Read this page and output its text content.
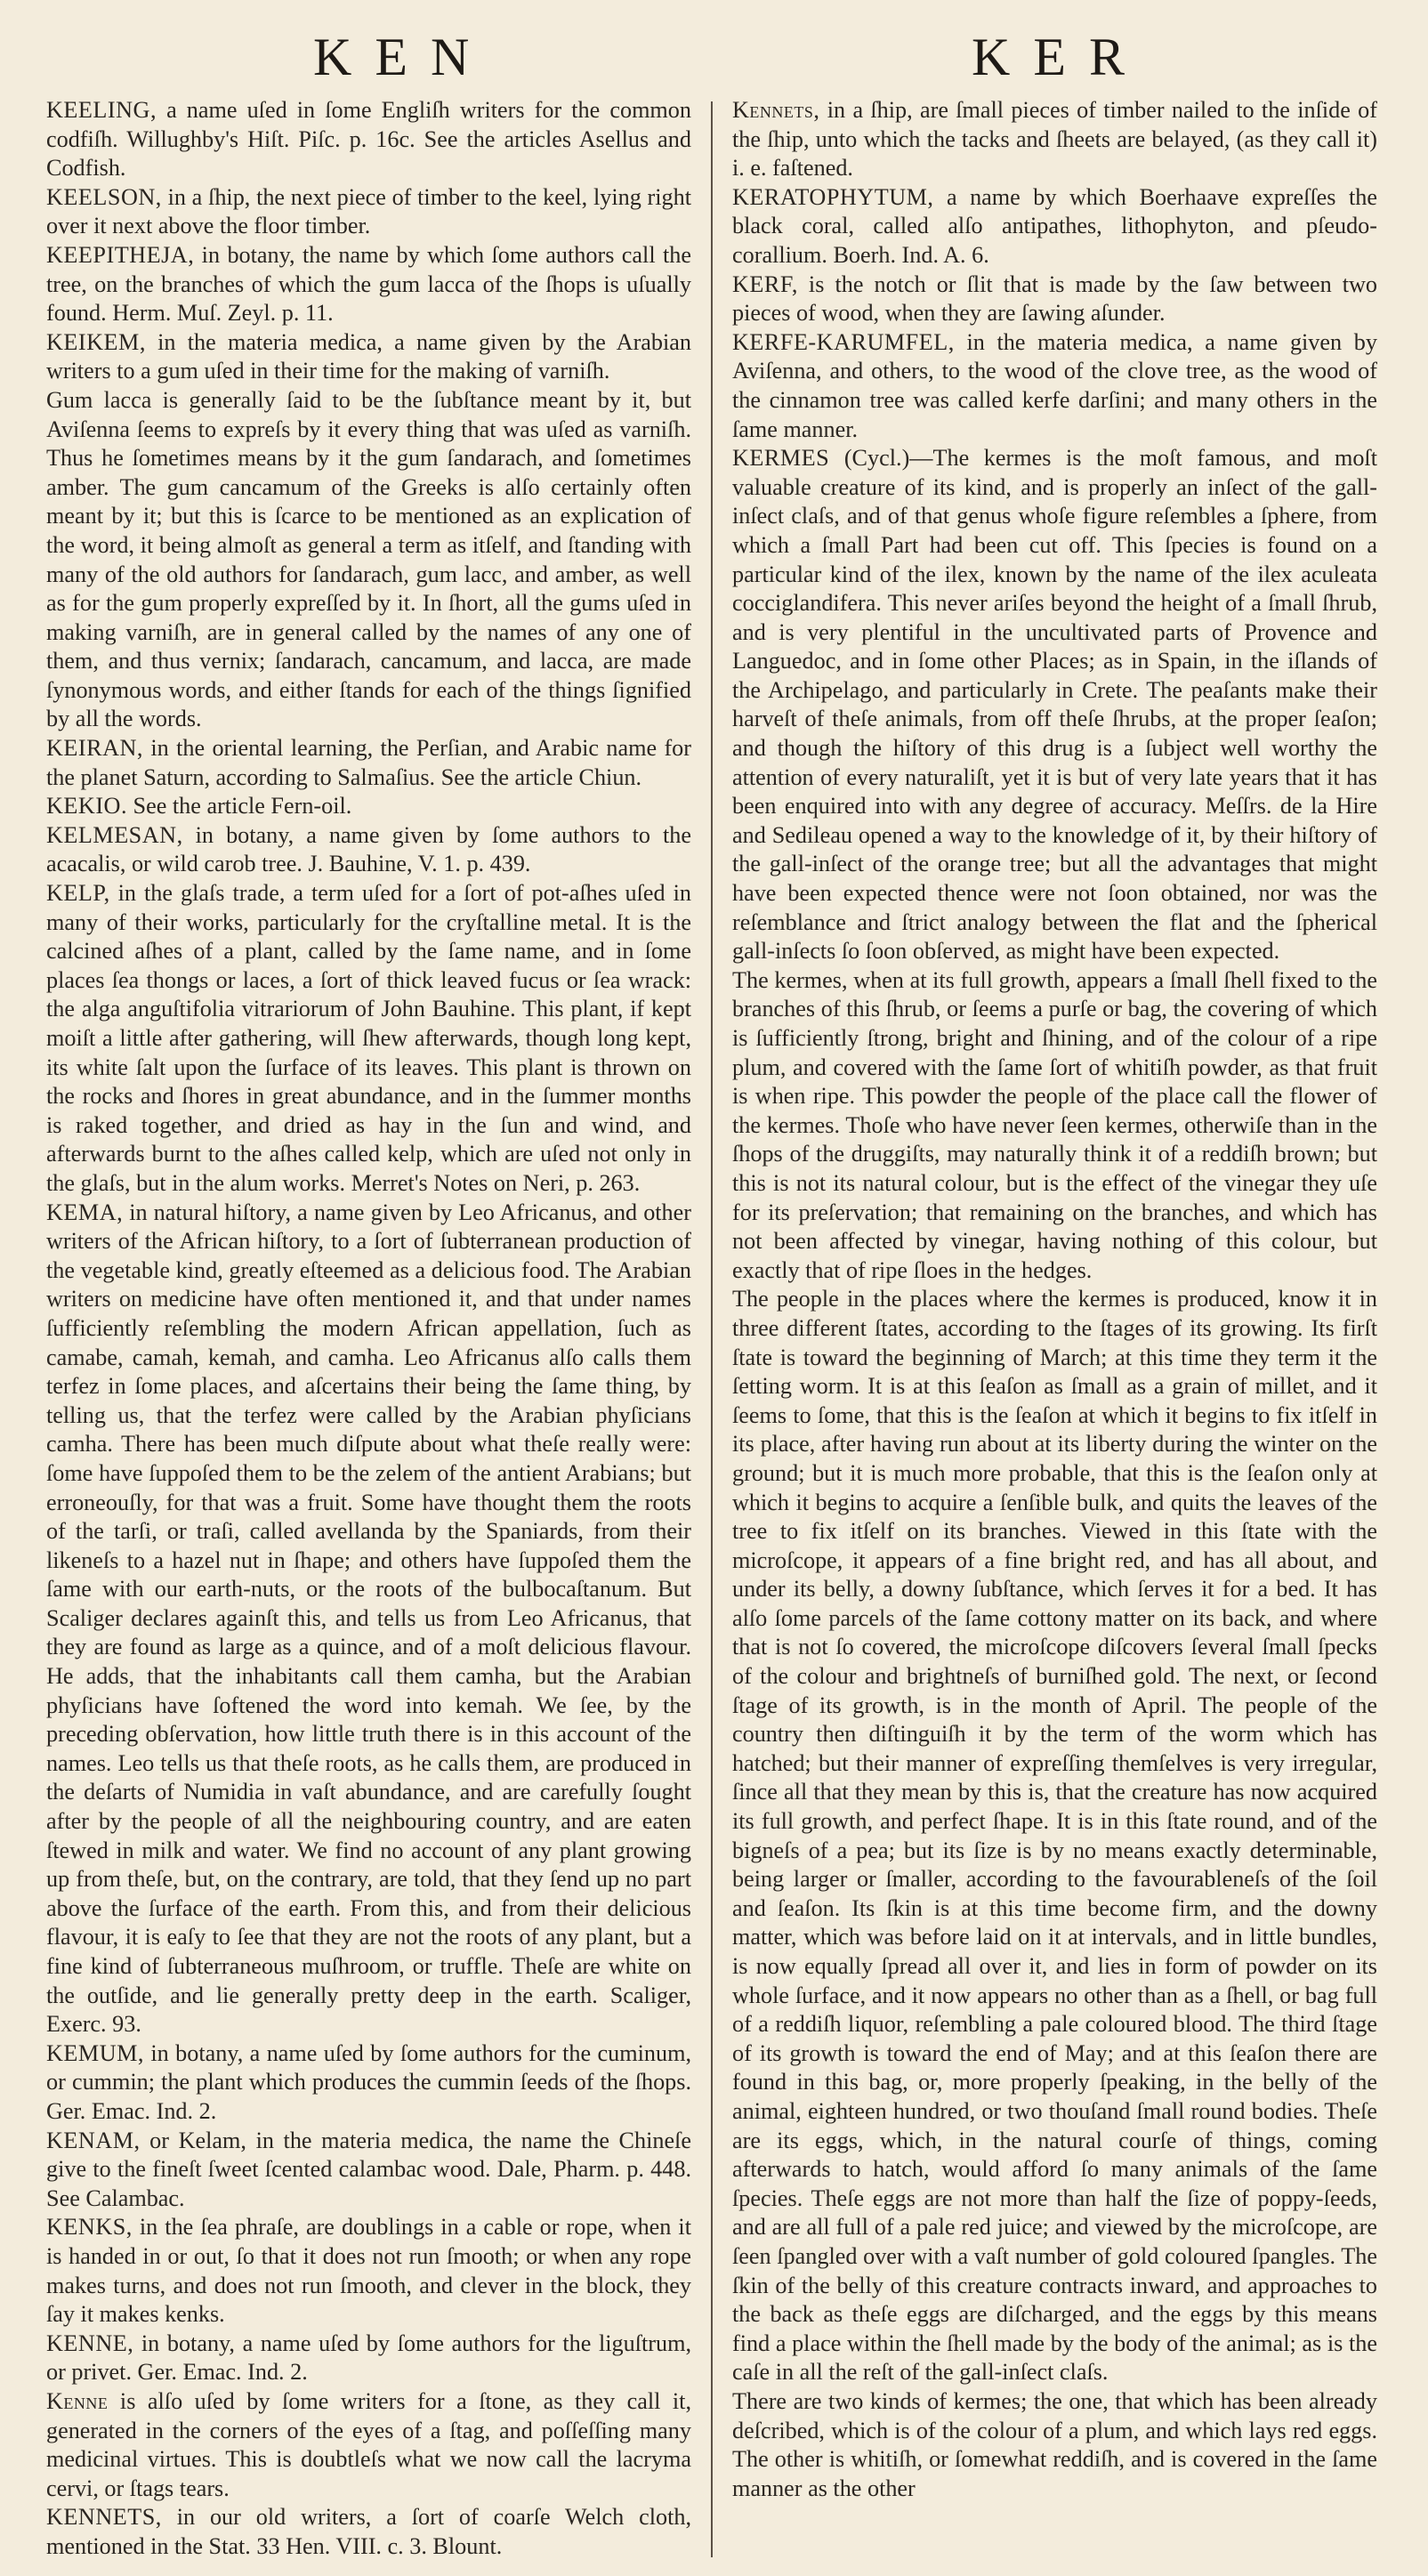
KEN	KER

KEELING, a name uſed in ſome Engliſh writers for the common codfiſh. Willughby's Hiſt. Piſc. p. 16c. See the articles Asellus and Codfish.

KEELSON, in a ſhip, the next piece of timber to the keel, lying right over it next above the floor timber.

KEEPITHEJA, in botany, the name by which ſome authors call the tree, on the branches of which the gum lacca of the ſhops is uſually found. Herm. Muſ. Zeyl. p. 11.

KEIKEM, in the materia medica, a name given by the Arabian writers to a gum uſed in their time for the making of varniſh.

Gum lacca is generally ſaid to be the ſubſtance meant by it, but Aviſenna ſeems to expreſs by it every thing that was uſed as varniſh. Thus he ſometimes means by it the gum ſandarach, and ſometimes amber. The gum cancamum of the Greeks is alſo certainly often meant by it; but this is ſcarce to be mentioned as an explication of the word, it being almoſt as general a term as itſelf, and ſtanding with many of the old authors for ſandarach, gum lacc, and amber, as well as for the gum properly expreſſed by it. In ſhort, all the gums uſed in making varniſh, are in general called by the names of any one of them, and thus vernix; ſandarach, cancamum, and lacca, are made ſynonymous words, and either ſtands for each of the things ſignified by all the words.

KEIRAN, in the oriental learning, the Perſian, and Arabic name for the planet Saturn, according to Salmaſius. See the article Chiun.

KEKIO. See the article Fern-oil.

KELMESAN, in botany, a name given by ſome authors to the acacalis, or wild carob tree. J. Bauhine, V. 1. p. 439.

KELP, in the glaſs trade, a term uſed for a ſort of pot-aſhes uſed in many of their works, particularly for the cryſtalline metal. It is the calcined aſhes of a plant, called by the ſame name, and in ſome places ſea thongs or laces, a ſort of thick leaved fucus or ſea wrack: the alga anguſtifolia vitrariorum of John Bauhine. This plant, if kept moiſt a little after gathering, will ſhew afterwards, though long kept, its white ſalt upon the ſurface of its leaves. This plant is thrown on the rocks and ſhores in great abundance, and in the ſummer months is raked together, and dried as hay in the ſun and wind, and afterwards burnt to the aſhes called kelp, which are uſed not only in the glaſs, but in the alum works. Merret's Notes on Neri, p. 263.

KEMA, in natural hiſtory, a name given by Leo Africanus, and other writers of the African hiſtory, to a ſort of ſubterranean production of the vegetable kind, greatly eſteemed as a delicious food. The Arabian writers on medicine have often mentioned it, and that under names ſufficiently reſembling the modern African appellation, ſuch as camabe, camah, kemah, and camha. Leo Africanus alſo calls them terfez in ſome places, and aſcertains their being the ſame thing, by telling us, that the terfez were called by the Arabian phyſicians camha. There has been much diſpute about what theſe really were: ſome have ſuppoſed them to be the zelem of the antient Arabians; but erroneouſly, for that was a fruit. Some have thought them the roots of the tarſi, or traſi, called avellanda by the Spaniards, from their likeneſs to a hazel nut in ſhape; and others have ſuppoſed them the ſame with our earth-nuts, or the roots of the bulbocaſtanum. But Scaliger declares againſt this, and tells us from Leo Africanus, that they are found as large as a quince, and of a moſt delicious flavour. He adds, that the inhabitants call them camha, but the Arabian phyſicians have ſoftened the word into kemah. We ſee, by the preceding obſervation, how little truth there is in this account of the names. Leo tells us that theſe roots, as he calls them, are produced in the deſarts of Numidia in vaſt abundance, and are carefully ſought after by the people of all the neighbouring country, and are eaten ſtewed in milk and water. We find no account of any plant growing up from theſe, but, on the contrary, are told, that they ſend up no part above the ſurface of the earth. From this, and from their delicious flavour, it is eaſy to ſee that they are not the roots of any plant, but a fine kind of ſubterraneous muſhroom, or truffle. Theſe are white on the outſide, and lie generally pretty deep in the earth. Scaliger, Exerc. 93.

KEMUM, in botany, a name uſed by ſome authors for the cuminum, or cummin; the plant which produces the cummin ſeeds of the ſhops. Ger. Emac. Ind. 2.

KENAM, or Kelam, in the materia medica, the name the Chineſe give to the fineſt ſweet ſcented calambac wood. Dale, Pharm. p. 448. See Calambac.

KENKS, in the ſea phraſe, are doublings in a cable or rope, when it is handed in or out, ſo that it does not run ſmooth; or when any rope makes turns, and does not run ſmooth, and clever in the block, they ſay it makes kenks.

KENNE, in botany, a name uſed by ſome authors for the liguſtrum, or privet. Ger. Emac. Ind. 2.

Kenne is alſo uſed by ſome writers for a ſtone, as they call it, generated in the corners of the eyes of a ſtag, and poſſeſſing many medicinal virtues. This is doubtleſs what we now call the lacryma cervi, or ſtags tears.

KENNETS, in our old writers, a ſort of coarſe Welch cloth, mentioned in the Stat. 33 Hen. VIII. c. 3. Blount.

Kennets, in a ſhip, are ſmall pieces of timber nailed to the inſide of the ſhip, unto which the tacks and ſheets are belayed, (as they call it) i. e. faſtened.

KERATOPHYTUM, a name by which Boerhaave expreſſes the black coral, called alſo antipathes, lithophyton, and pſeudo-corallium. Boerh. Ind. A. 6.

KERF, is the notch or ſlit that is made by the ſaw between two pieces of wood, when they are ſawing aſunder.

KERFE-KARUMFEL, in the materia medica, a name given by Aviſenna, and others, to the wood of the clove tree, as the wood of the cinnamon tree was called kerfe darſini; and many others in the ſame manner.

KERMES (Cycl.)—The kermes is the moſt famous, and moſt valuable creature of its kind, and is properly an inſect of the gall-inſect claſs, and of that genus whoſe figure reſembles a ſphere, from which a ſmall Part had been cut off. This ſpecies is found on a particular kind of the ilex, known by the name of the ilex aculeata cocciglandifera. This never ariſes beyond the height of a ſmall ſhrub, and is very plentiful in the uncultivated parts of Provence and Languedoc, and in ſome other Places; as in Spain, in the iſlands of the Archipelago, and particularly in Crete. The peaſants make their harveſt of theſe animals, from off theſe ſhrubs, at the proper ſeaſon; and though the hiſtory of this drug is a ſubject well worthy the attention of every naturaliſt, yet it is but of very late years that it has been enquired into with any degree of accuracy. Meſſrs. de la Hire and Sedileau opened a way to the knowledge of it, by their hiſtory of the gall-inſect of the orange tree; but all the advantages that might have been expected thence were not ſoon obtained, nor was the reſemblance and ſtrict analogy between the flat and the ſpherical gall-inſects ſo ſoon obſerved, as might have been expected.

The kermes, when at its full growth, appears a ſmall ſhell fixed to the branches of this ſhrub, or ſeems a purſe or bag, the covering of which is ſufficiently ſtrong, bright and ſhining, and of the colour of a ripe plum, and covered with the ſame ſort of whitiſh powder, as that fruit is when ripe. This powder the people of the place call the flower of the kermes. Thoſe who have never ſeen kermes, otherwiſe than in the ſhops of the druggiſts, may naturally think it of a reddiſh brown; but this is not its natural colour, but is the effect of the vinegar they uſe for its preſervation; that remaining on the branches, and which has not been affected by vinegar, having nothing of this colour, but exactly that of ripe ſloes in the hedges.

The people in the places where the kermes is produced, know it in three different ſtates, according to the ſtages of its growing. Its firſt ſtate is toward the beginning of March; at this time they term it the ſetting worm. It is at this ſeaſon as ſmall as a grain of millet, and it ſeems to ſome, that this is the ſeaſon at which it begins to fix itſelf in its place, after having run about at its liberty during the winter on the ground; but it is much more probable, that this is the ſeaſon only at which it begins to acquire a ſenſible bulk, and quits the leaves of the tree to fix itſelf on its branches. Viewed in this ſtate with the microſcope, it appears of a fine bright red, and has all about, and under its belly, a downy ſubſtance, which ſerves it for a bed. It has alſo ſome parcels of the ſame cottony matter on its back, and where that is not ſo covered, the microſcope diſcovers ſeveral ſmall ſpecks of the colour and brightneſs of burniſhed gold. The next, or ſecond ſtage of its growth, is in the month of April. The people of the country then diſtinguiſh it by the term of the worm which has hatched; but their manner of expreſſing themſelves is very irregular, ſince all that they mean by this is, that the creature has now acquired its full growth, and perfect ſhape. It is in this ſtate round, and of the bigneſs of a pea; but its ſize is by no means exactly determinable, being larger or ſmaller, according to the favourableneſs of the ſoil and ſeaſon. Its ſkin is at this time become firm, and the downy matter, which was before laid on it at intervals, and in little bundles, is now equally ſpread all over it, and lies in form of powder on its whole ſurface, and it now appears no other than as a ſhell, or bag full of a reddiſh liquor, reſembling a pale coloured blood. The third ſtage of its growth is toward the end of May; and at this ſeaſon there are found in this bag, or, more properly ſpeaking, in the belly of the animal, eighteen hundred, or two thouſand ſmall round bodies. Theſe are its eggs, which, in the natural courſe of things, coming afterwards to hatch, would afford ſo many animals of the ſame ſpecies. Theſe eggs are not more than half the ſize of poppy-ſeeds, and are all full of a pale red juice; and viewed by the microſcope, are ſeen ſpangled over with a vaſt number of gold coloured ſpangles. The ſkin of the belly of this creature contracts inward, and approaches to the back as theſe eggs are diſcharged, and the eggs by this means find a place within the ſhell made by the body of the animal; as is the caſe in all the reſt of the gall-inſect claſs.

There are two kinds of kermes; the one, that which has been already deſcribed, which is of the colour of a plum, and which lays red eggs. The other is whitiſh, or ſomewhat reddiſh, and is covered in the ſame manner as the other
